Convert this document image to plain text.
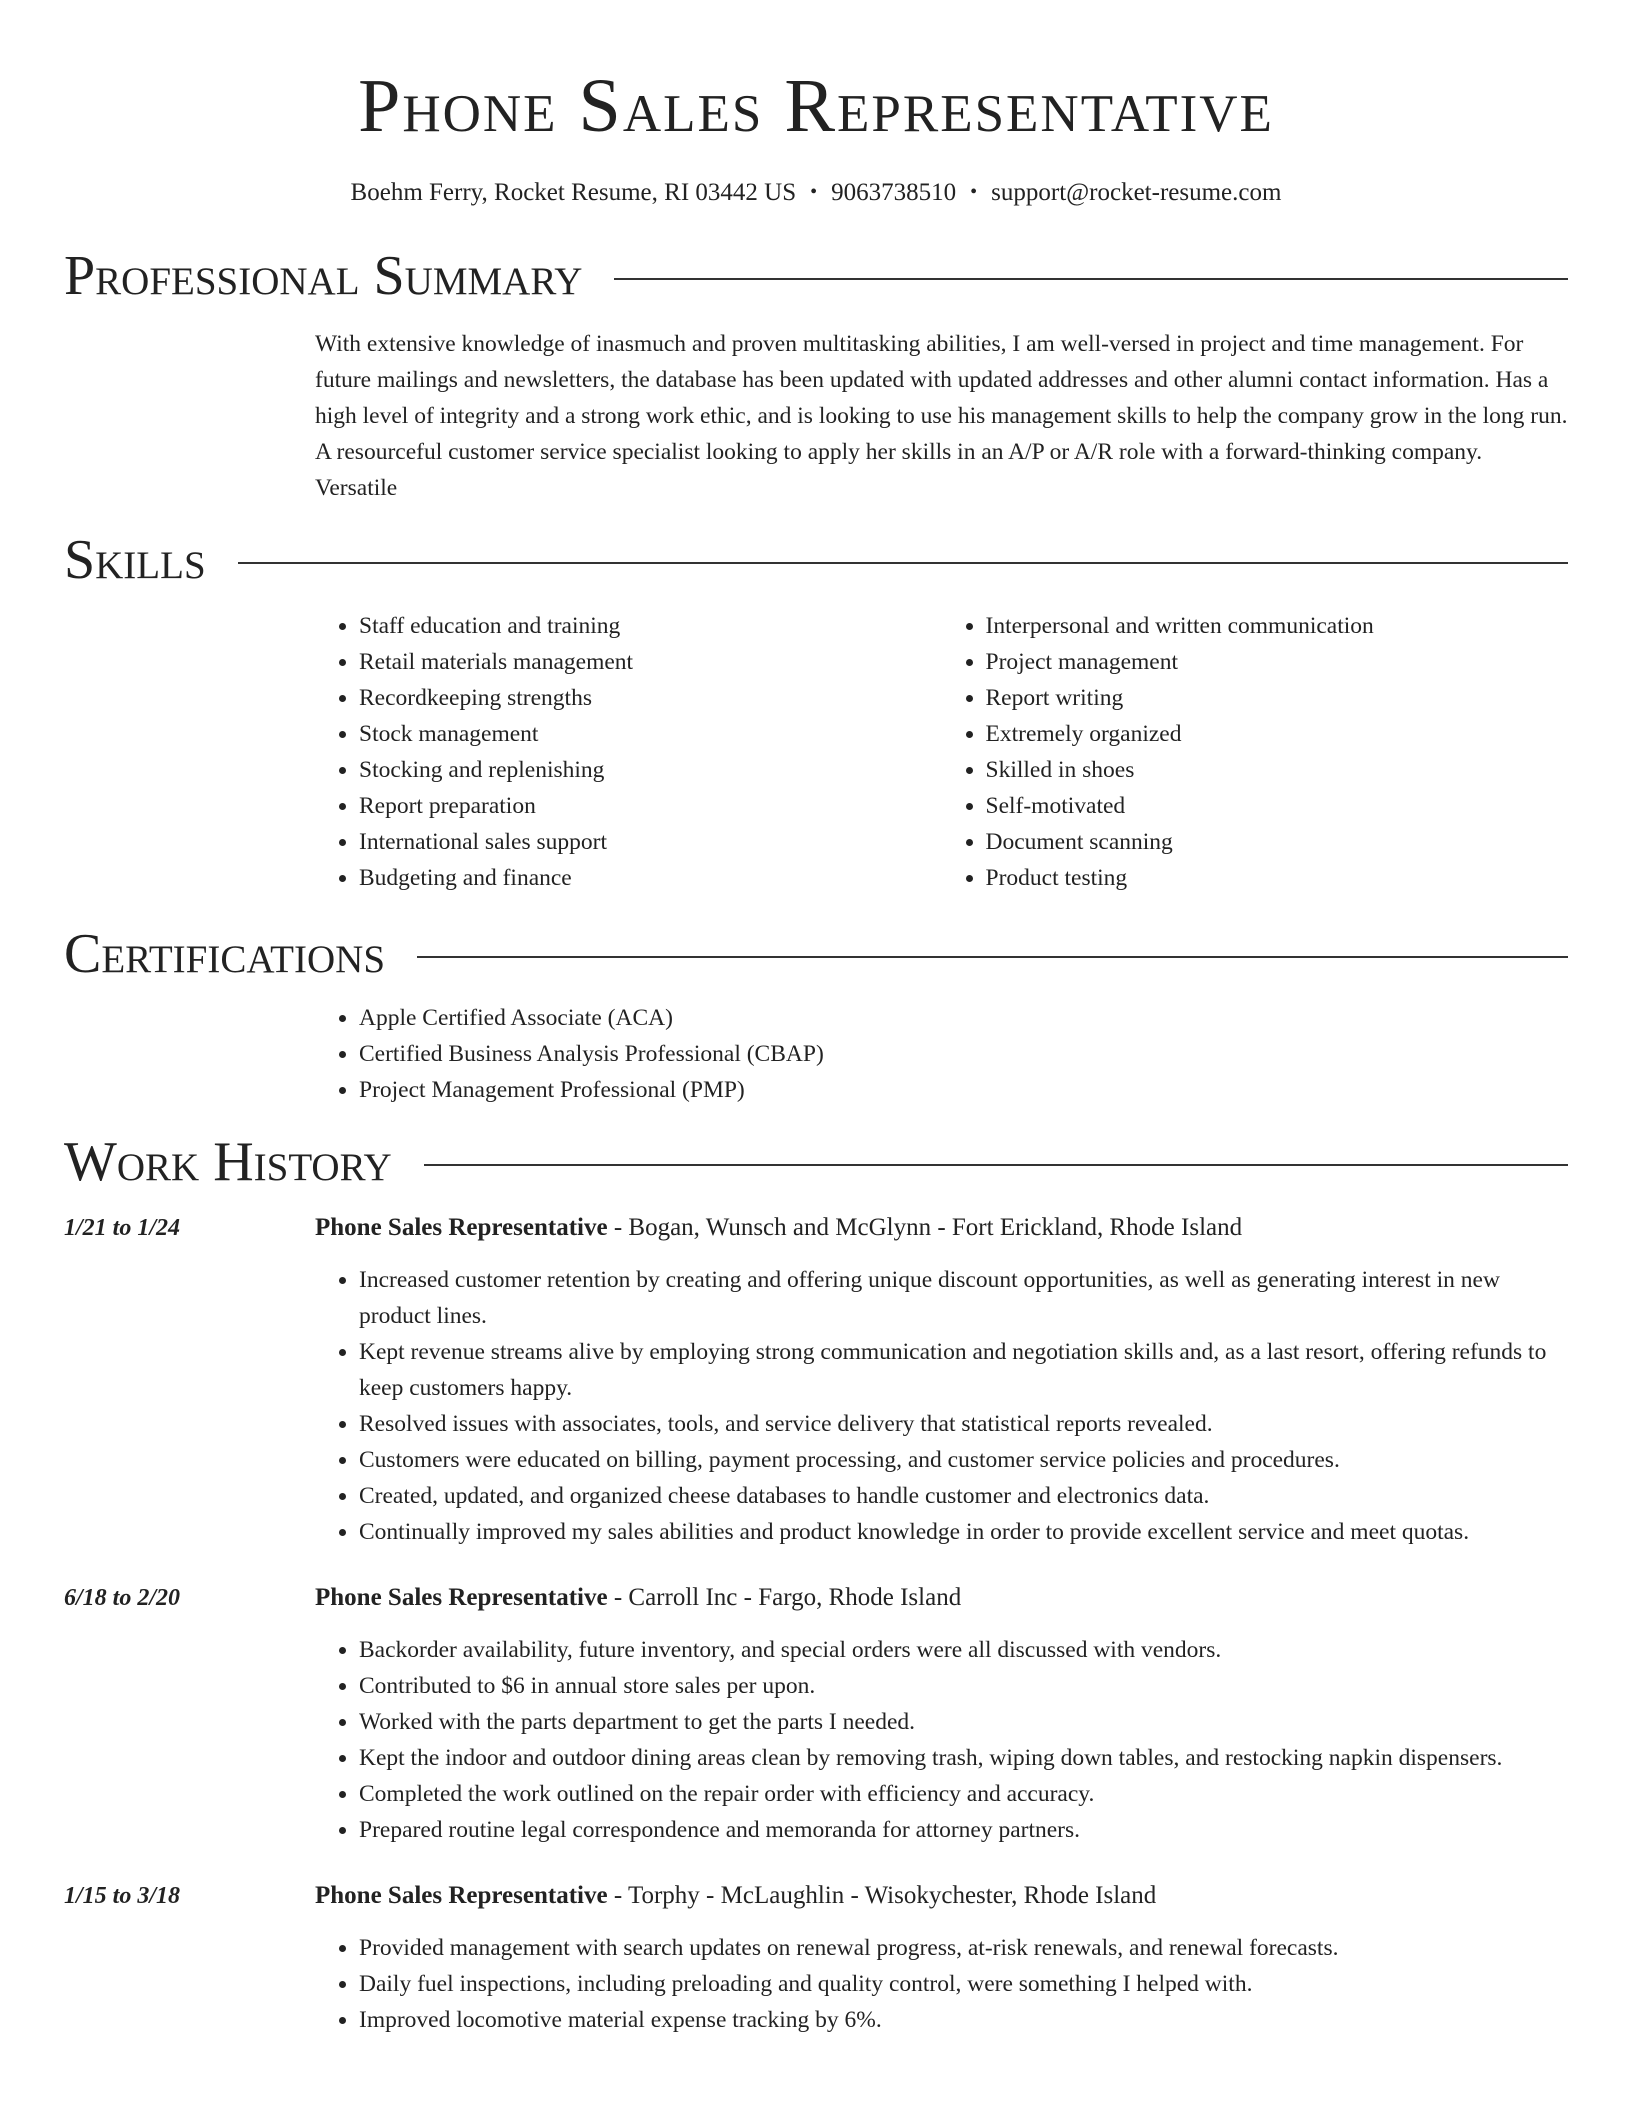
Phone Sales Representative
Boehm Ferry, Rocket Resume, RI 03442 US • 9063738510 • support@rocket-resume.com
Professional Summary
With extensive knowledge of inasmuch and proven multitasking abilities, I am well-versed in project and time management. For future mailings and newsletters, the database has been updated with updated addresses and other alumni contact information. Has a high level of integrity and a strong work ethic, and is looking to use his management skills to help the company grow in the long run. A resourceful customer service specialist looking to apply her skills in an A/P or A/R role with a forward-thinking company. Versatile
Skills
• Staff education and training
• Retail materials management
• Recordkeeping strengths
• Stock management
• Stocking and replenishing
• Report preparation
• International sales support
• Budgeting and finance
• Interpersonal and written communication
• Project management
• Report writing
• Extremely organized
• Skilled in shoes
• Self-motivated
• Document scanning
• Product testing
Certifications
• Apple Certified Associate (ACA)
• Certified Business Analysis Professional (CBAP)
• Project Management Professional (PMP)
Work History
1/21 to 1/24	Phone Sales Representative - Bogan, Wunsch and McGlynn - Fort Erickland, Rhode Island
• Increased customer retention by creating and offering unique discount opportunities, as well as generating interest in new product lines.
• Kept revenue streams alive by employing strong communication and negotiation skills and, as a last resort, offering refunds to keep customers happy.
• Resolved issues with associates, tools, and service delivery that statistical reports revealed.
• Customers were educated on billing, payment processing, and customer service policies and procedures.
• Created, updated, and organized cheese databases to handle customer and electronics data.
• Continually improved my sales abilities and product knowledge in order to provide excellent service and meet quotas.
6/18 to 2/20	Phone Sales Representative - Carroll Inc - Fargo, Rhode Island
• Backorder availability, future inventory, and special orders were all discussed with vendors.
• Contributed to $6 in annual store sales per upon.
• Worked with the parts department to get the parts I needed.
• Kept the indoor and outdoor dining areas clean by removing trash, wiping down tables, and restocking napkin dispensers.
• Completed the work outlined on the repair order with efficiency and accuracy.
• Prepared routine legal correspondence and memoranda for attorney partners.
1/15 to 3/18	Phone Sales Representative - Torphy - McLaughlin - Wisokychester, Rhode Island
• Provided management with search updates on renewal progress, at-risk renewals, and renewal forecasts.
• Daily fuel inspections, including preloading and quality control, were something I helped with.
• Improved locomotive material expense tracking by 6%.
